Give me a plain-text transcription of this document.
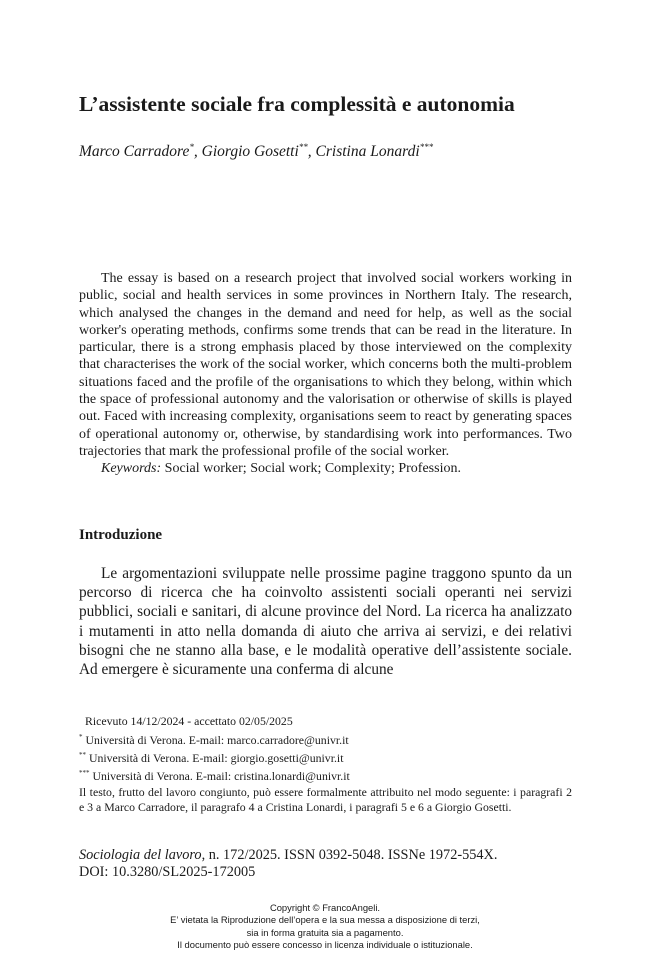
L’assistente sociale fra complessità e autonomia
Marco Carradore*, Giorgio Gosetti**, Cristina Lonardi***

The essay is based on a research project that involved social workers working in public, social and health services in some provinces in Northern Italy. The research, which analysed the changes in the demand and need for help, as well as the social worker's operating methods, confirms some trends that can be read in the literature. In particular, there is a strong emphasis placed by those interviewed on the complexity that characterises the work of the social worker, which concerns both the multi-problem situations faced and the profile of the organisations to which they belong, within which the space of professional autonomy and the valorisation or otherwise of skills is played out. Faced with increasing complexity, organisations seem to react by generating spaces of operational autonomy or, otherwise, by standardising work into performances. Two trajectories that mark the professional profile of the social worker.

Keywords: Social worker; Social work; Complexity; Profession.

Introduzione

Le argomentazioni sviluppate nelle prossime pagine traggono spunto da un percorso di ricerca che ha coinvolto assistenti sociali operanti nei servizi pubblici, sociali e sanitari, di alcune province del Nord. La ricerca ha analizzato i mutamenti in atto nella domanda di aiuto che arriva ai servizi, e dei relativi bisogni che ne stanno alla base, e le modalità operative dell’assistente sociale. Ad emergere è sicuramente una conferma di alcune

Ricevuto 14/12/2024 - accettato 02/05/2025
* Università di Verona. E-mail: marco.carradore@univr.it
** Università di Verona. E-mail: giorgio.gosetti@univr.it
*** Università di Verona. E-mail: cristina.lonardi@univr.it

Il testo, frutto del lavoro congiunto, può essere formalmente attribuito nel modo seguente: i paragrafi 2 e 3 a Marco Carradore, il paragrafo 4 a Cristina Lonardi, i paragrafi 5 e 6 a Giorgio Gosetti.

Sociologia del lavoro, n. 172/2025. ISSN 0392-5048. ISSNe 1972-554X.
DOI: 10.3280/SL2025-172005
Copyright © FrancoAngeli.
E’ vietata la Riproduzione dell’opera e la sua messa a disposizione di terzi,
sia in forma gratuita sia a pagamento.
Il documento può essere concesso in licenza individuale o istituzionale.
